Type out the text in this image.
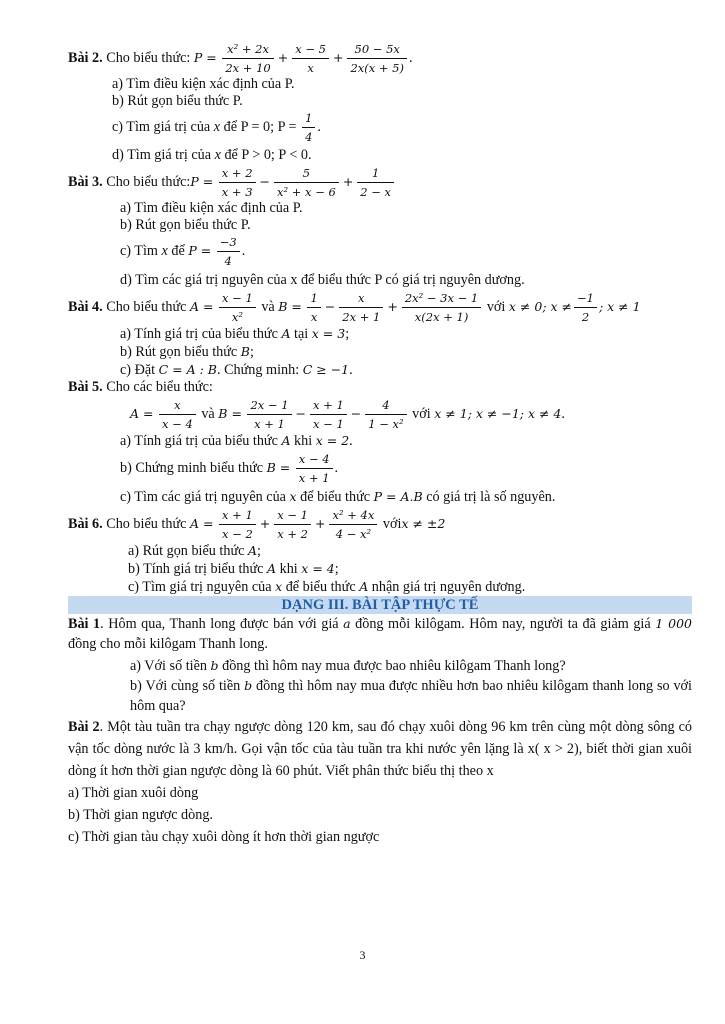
Bài 2. Cho biểu thức: $P = \frac{\text{x² + 2x}}{2x + 10} + \frac{x - 5}{x} + \frac{50 - 5x}{2x(x + 5)}$ .
a) Tìm điều kiện xác định của P.
b) Rút gọn biểu thức P.
c) Tìm giá trị của x để P = 0; $P = \frac{1}{4}$ .
d) Tìm giá trị của x để P > 0; P < 0.
Bài 3. Cho biểu thức:P = $\frac{x + 2}{x + 3} - \frac{5}{\text{x² + x − 6}} + \frac{1}{2 - x}$
a) Tìm điều kiện xác định của P.
b) Rút gọn biểu thức P.
c) Tìm x để $P = \frac{-3}{4}$ .
d) Tìm các giá trị nguyên của x để biểu thức P có giá trị nguyên dương.
Bài 4. Cho biểu thức $A = \frac{x - 1}{\text{x²}}$ và $B = \frac{1}{x} - \frac{x}{2x + 1} + \frac{\text{2x² − 3x − 1}}{x(2x + 1)}$ với x ≠ 0; $x \ne \frac{-1}{2}$ ; x ≠ 1
a) Tính giá trị của biểu thức A tại x = 3;
b) Rút gọn biểu thức B;
c) Đặt C = A : B. Chứng minh: C ≥ −1.
Bài 5. Cho các biểu thức:
$A = \frac{x}{x - 4}$ và $B = \frac{2x - 1}{x + 1} - \frac{x + 1}{x - 1} - \frac{4}{\text{1 − x²}}$ với x ≠ 1; x ≠ −1; x ≠ 4.
a) Tính giá trị của biểu thức A khi x = 2.
b) Chứng minh biểu thức $B = \frac{x - 4}{x + 1}$ .
c) Tìm các giá trị nguyên của x để biểu thức P = A.B có giá trị là số nguyên.
Bài 6. Cho biểu thức $A = \frac{x + 1}{x - 2} + \frac{x - 1}{x + 2} + \frac{\text{x² + 4x}}{\text{4 − x²}}$ vớix ≠ ±2
a) Rút gọn biểu thức A;
b) Tính giá trị biểu thức A khi x = 4;
c) Tìm giá trị nguyên của x để biểu thức A nhận giá trị nguyên dương.
DẠNG III. BÀI TẬP THỰC TẾ
Bài 1. Hôm qua, Thanh long được bán với giá a đồng mỗi kilôgam. Hôm nay, người ta đã giảm giá 1 000 đồng cho mỗi kilôgam Thanh long.
a) Với số tiền b đồng thì hôm nay mua được bao nhiêu kilôgam Thanh long?
b) Với cùng số tiền b đồng thì hôm nay mua được nhiều hơn bao nhiêu kilôgam thanh long so với hôm qua?
Bài 2. Một tàu tuần tra chạy ngược dòng 120 km, sau đó chạy xuôi dòng 96 km trên cùng một dòng sông có vận tốc dòng nước là 3 km/h. Gọi vận tốc của tàu tuần tra khi nước yên lặng là x( x > 2), biết thời gian xuôi dòng ít hơn thời gian ngược dòng là 60 phút. Viết phân thức biểu thị theo x
a) Thời gian xuôi dòng
b) Thời gian ngược dòng.
c) Thời gian tàu chạy xuôi dòng ít hơn thời gian ngược
3
